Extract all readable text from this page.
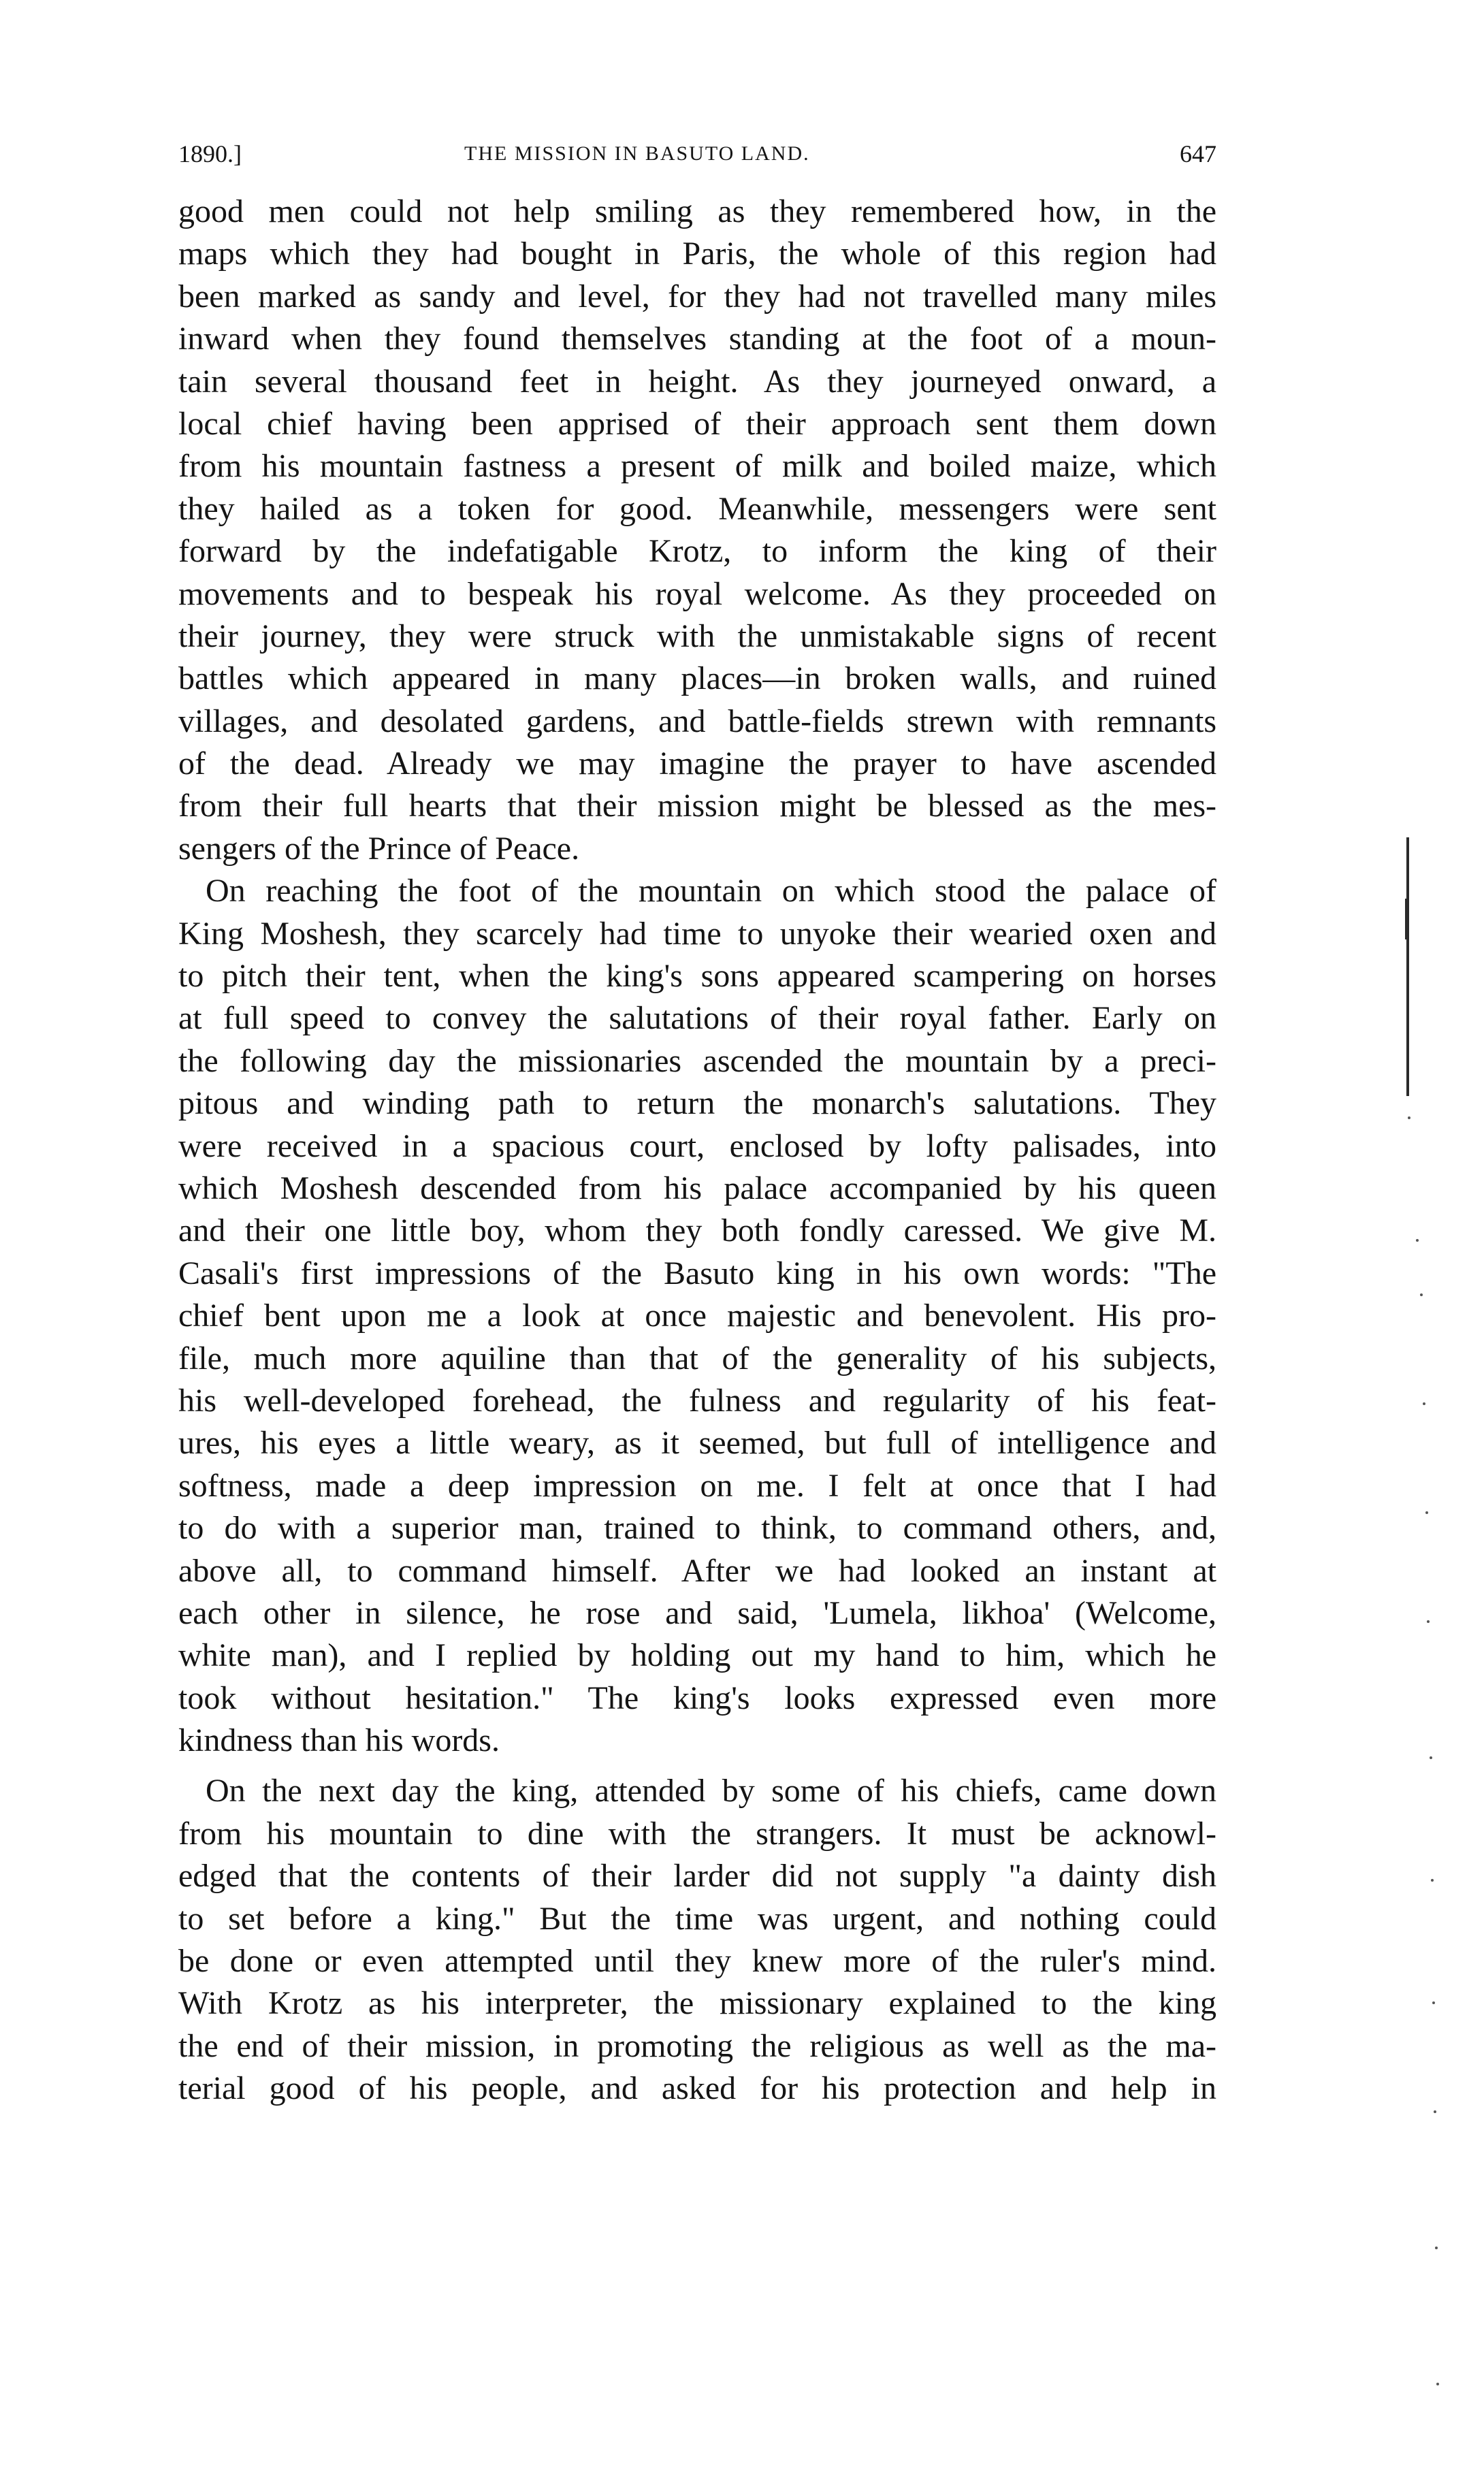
1890.]	THE MISSION IN BASUTO LAND.	647
good men could not help smiling as they remembered how, in the
maps which they had bought in Paris, the whole of this region had
been marked as sandy and level, for they had not travelled many miles
inward when they found themselves standing at the foot of a moun-
tain several thousand feet in height. As they journeyed onward, a
local chief having been apprised of their approach sent them down
from his mountain fastness a present of milk and boiled maize, which
they hailed as a token for good. Meanwhile, messengers were sent
forward by the indefatigable Krotz, to inform the king of their
movements and to bespeak his royal welcome. As they proceeded on
their journey, they were struck with the unmistakable signs of recent
battles which appeared in many places—in broken walls, and ruined
villages, and desolated gardens, and battle-fields strewn with remnants
of the dead. Already we may imagine the prayer to have ascended
from their full hearts that their mission might be blessed as the mes-
sengers of the Prince of Peace.
On reaching the foot of the mountain on which stood the palace of
King Moshesh, they scarcely had time to unyoke their wearied oxen and
to pitch their tent, when the king's sons appeared scampering on horses
at full speed to convey the salutations of their royal father. Early on
the following day the missionaries ascended the mountain by a preci-
pitous and winding path to return the monarch's salutations. They
were received in a spacious court, enclosed by lofty palisades, into
which Moshesh descended from his palace accompanied by his queen
and their one little boy, whom they both fondly caressed. We give M.
Casali's first impressions of the Basuto king in his own words: "The
chief bent upon me a look at once majestic and benevolent. His pro-
file, much more aquiline than that of the generality of his subjects,
his well-developed forehead, the fulness and regularity of his feat-
ures, his eyes a little weary, as it seemed, but full of intelligence and
softness, made a deep impression on me. I felt at once that I had
to do with a superior man, trained to think, to command others, and,
above all, to command himself. After we had looked an instant at
each other in silence, he rose and said, 'Lumela, likhoa' (Welcome,
white man), and I replied by holding out my hand to him, which he
took without hesitation." The king's looks expressed even more
kindness than his words.
On the next day the king, attended by some of his chiefs, came down
from his mountain to dine with the strangers. It must be acknowl-
edged that the contents of their larder did not supply "a dainty dish
to set before a king." But the time was urgent, and nothing could
be done or even attempted until they knew more of the ruler's mind.
With Krotz as his interpreter, the missionary explained to the king
the end of their mission, in promoting the religious as well as the ma-
terial good of his people, and asked for his protection and help in
